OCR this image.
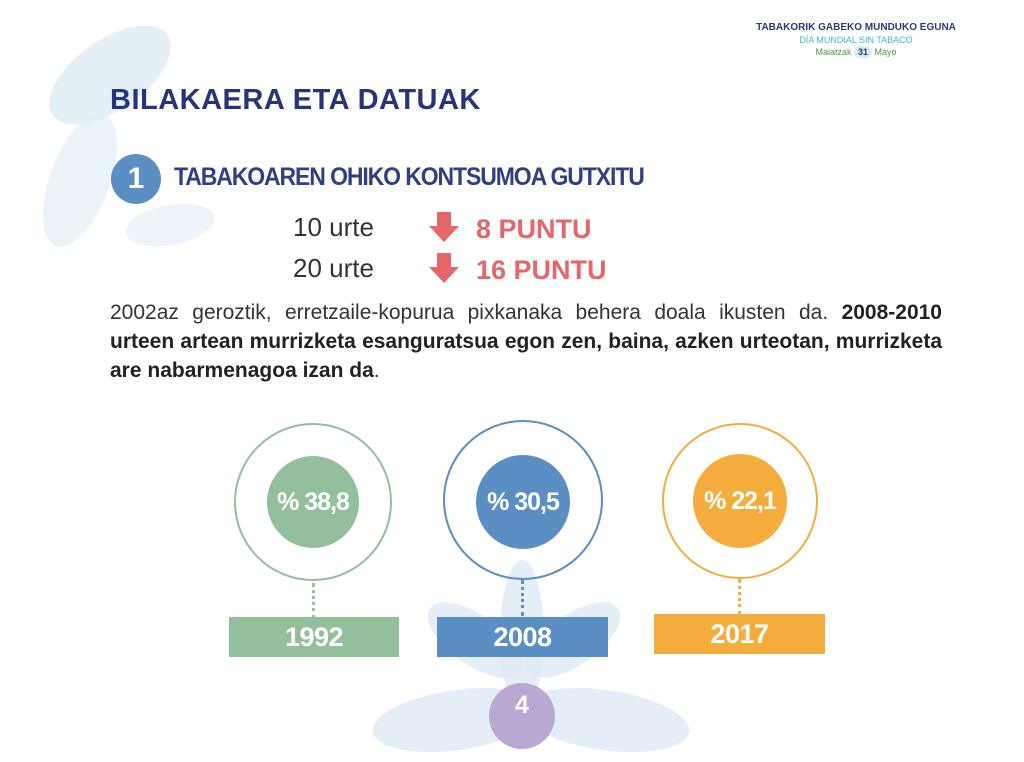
TABAKORIK GABEKO MUNDUKO EGUNA
DÍA MUNDIAL SIN TABACO
Maiatzak 31 Mayo
BILAKAERA ETA DATUAK
1	TABAKOAREN OHIKO KONTSUMOA GUTXITU
10 urte	8 PUNTU
20 urte	16 PUNTU
2002az geroztik, erretzaile-kopurua pixkanaka behera doala ikusten da. 2008-2010 urteen artean murrizketa esanguratsua egon zen, baina, azken urteotan, murrizketa are nabarmenagoa izan da.
% 38,8
1992
% 30,5
2008
% 22,1
2017
4
